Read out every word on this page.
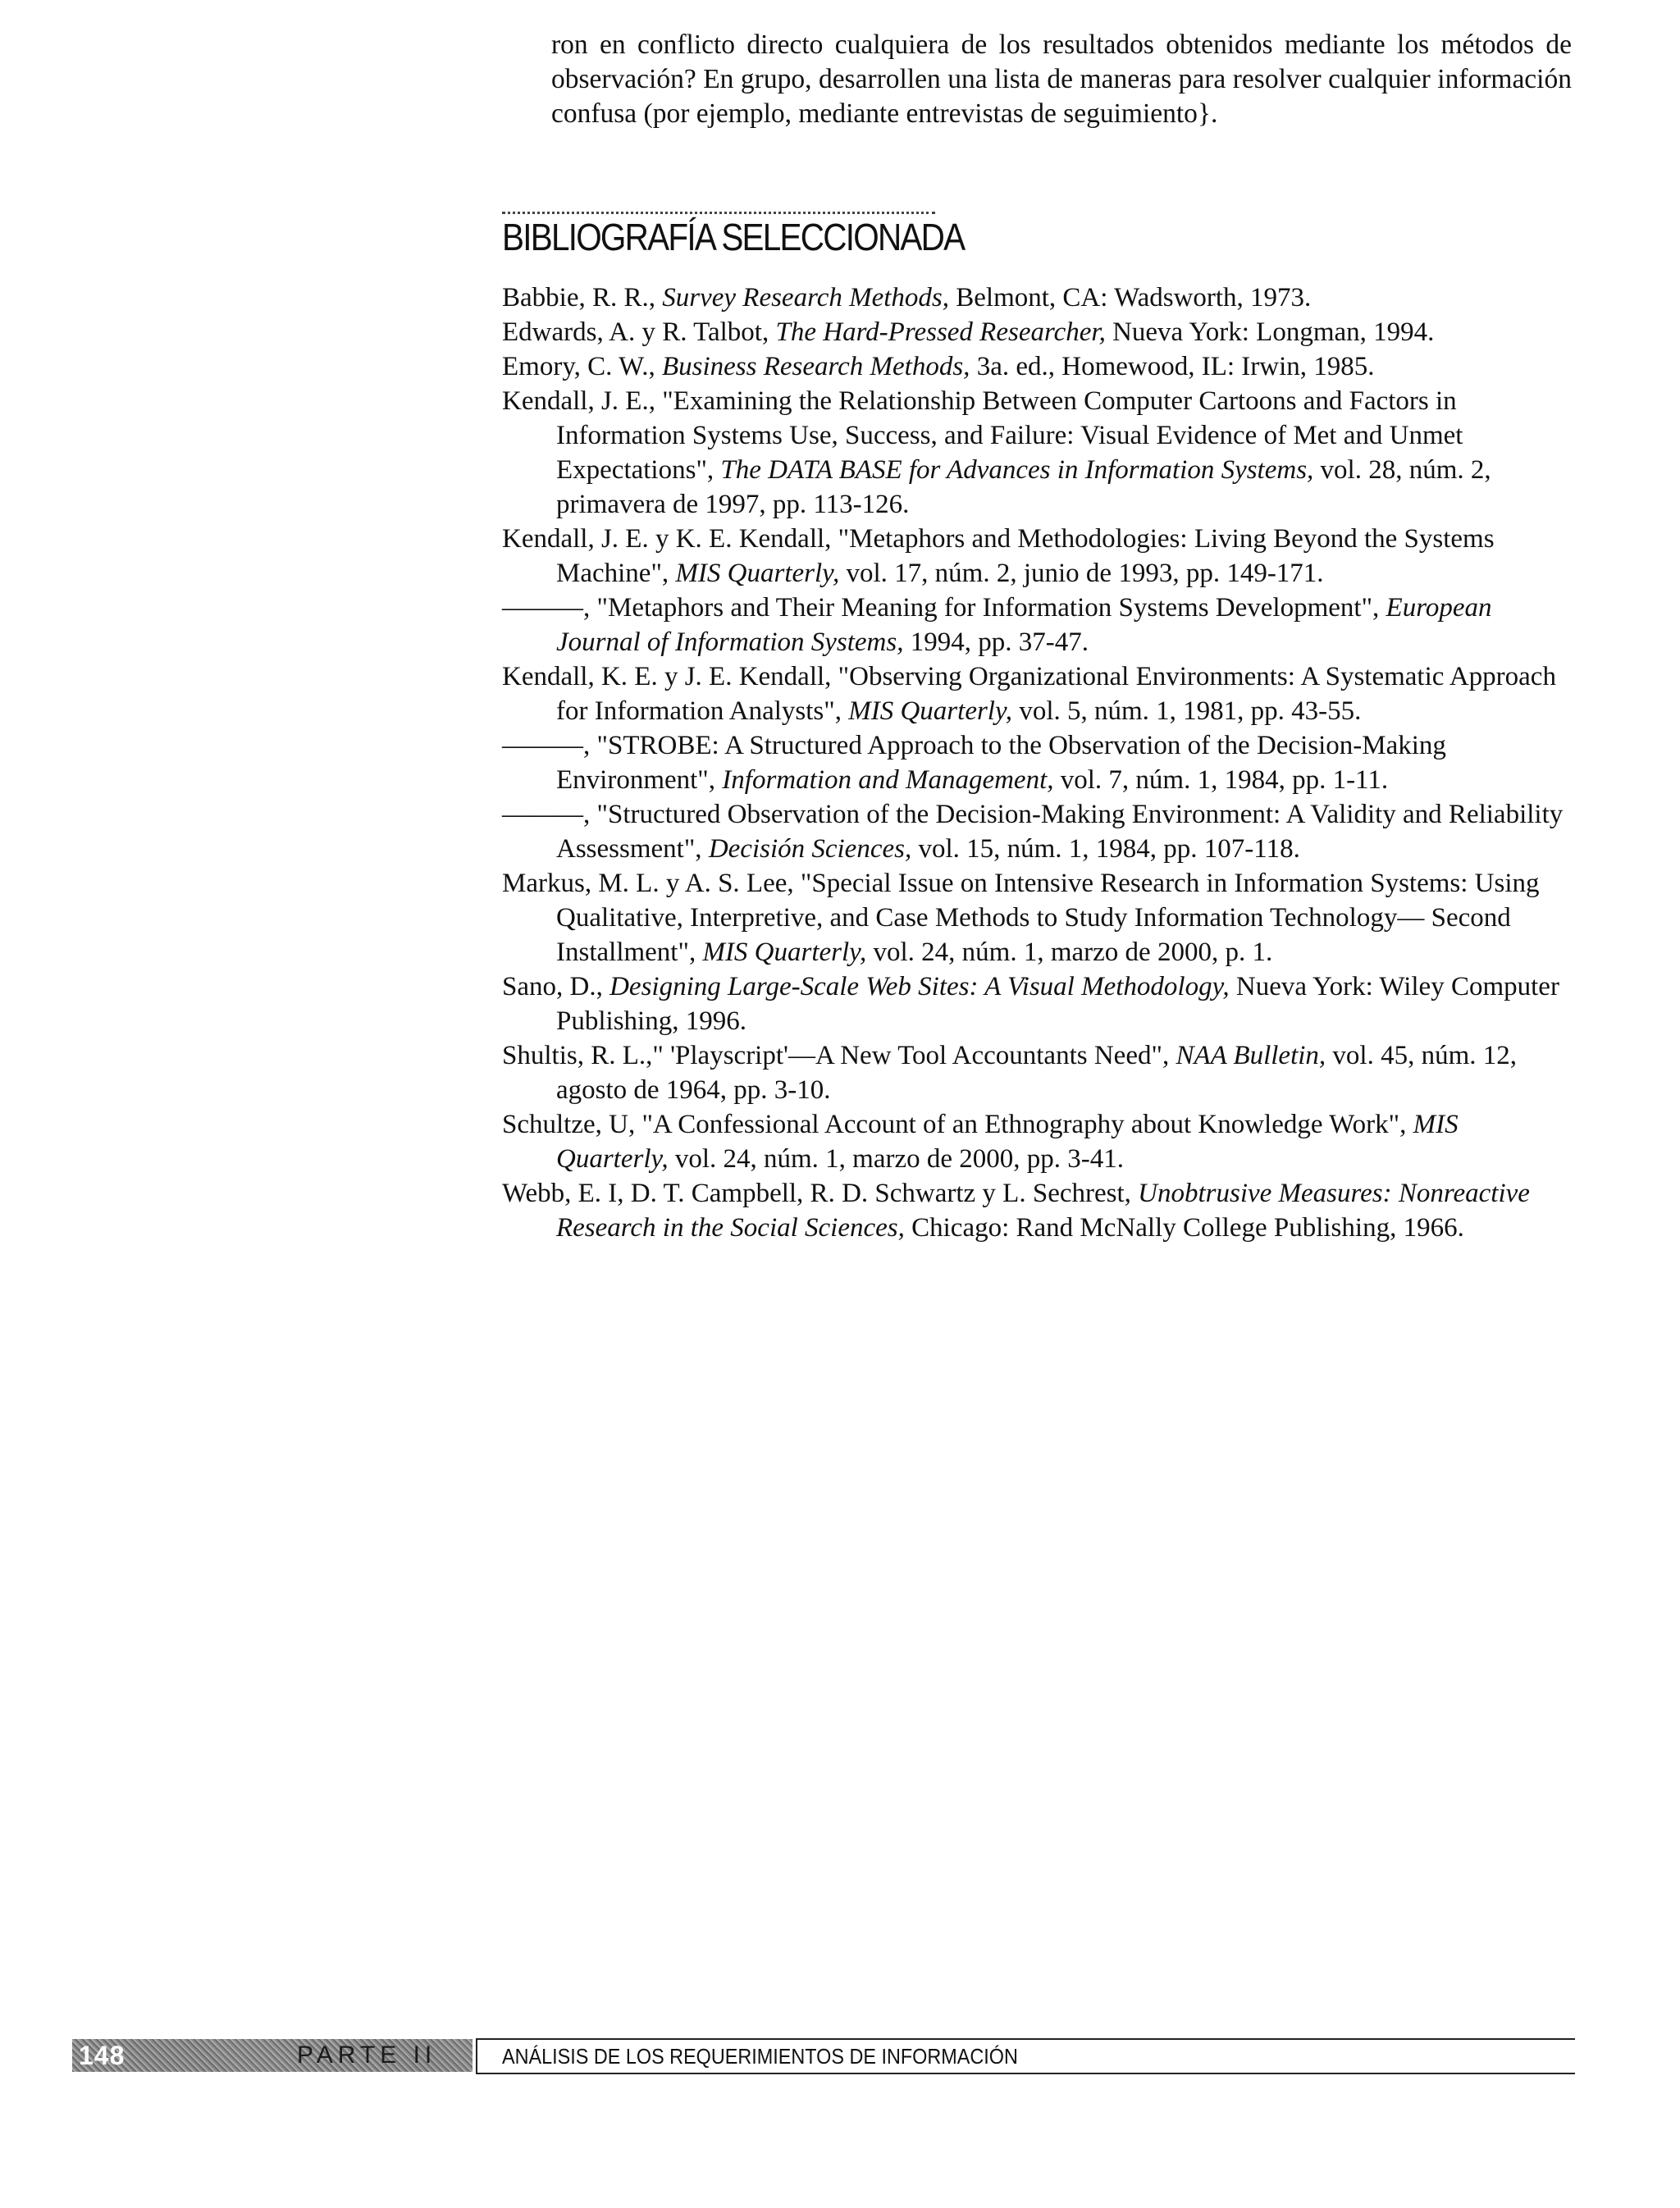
ron en conflicto directo cualquiera de los resultados obtenidos mediante los métodos de observación? En grupo, desarrollen una lista de maneras para resolver cualquier información confusa (por ejemplo, mediante entrevistas de seguimiento}.

BIBLIOGRAFÍA SELECCIONADA
Babbie, R. R., Survey Research Methods, Belmont, CA: Wadsworth, 1973.
Edwards, A. y R. Talbot, The Hard-Pressed Researcher, Nueva York: Longman, 1994.
Emory, C. W., Business Research Methods, 3a. ed., Homewood, IL: Irwin, 1985.
Kendall, J. E., "Examining the Relationship Between Computer Cartoons and Factors in Information Systems Use, Success, and Failure: Visual Evidence of Met and Unmet Expectations", The DATA BASE for Advances in Information Systems, vol. 28, núm. 2, primavera de 1997, pp. 113-126.
Kendall, J. E. y K. E. Kendall, "Metaphors and Methodologies: Living Beyond the Systems Machine", MIS Quarterly, vol. 17, núm. 2, junio de 1993, pp. 149-171.
———, "Metaphors and Their Meaning for Information Systems Development", European Journal of Information Systems, 1994, pp. 37-47.
Kendall, K. E. y J. E. Kendall, "Observing Organizational Environments: A Systematic Approach for Information Analysts", MIS Quarterly, vol. 5, núm. 1, 1981, pp. 43-55.
———, "STROBE: A Structured Approach to the Observation of the Decision-Making Environment", Information and Management, vol. 7, núm. 1, 1984, pp. 1-11.
———, "Structured Observation of the Decision-Making Environment: A Validity and Reliability Assessment", Decisión Sciences, vol. 15, núm. 1, 1984, pp. 107-118.
Markus, M. L. y A. S. Lee, "Special Issue on Intensive Research in Information Systems: Using Qualitative, Interpretive, and Case Methods to Study Information Technology— Second Installment", MIS Quarterly, vol. 24, núm. 1, marzo de 2000, p. 1.
Sano, D., Designing Large-Scale Web Sites: A Visual Methodology, Nueva York: Wiley Computer Publishing, 1996.
Shultis, R. L.," 'Playscript'—A New Tool Accountants Need", NAA Bulletin, vol. 45, núm. 12, agosto de 1964, pp. 3-10.
Schultze, U, "A Confessional Account of an Ethnography about Knowledge Work", MIS Quarterly, vol. 24, núm. 1, marzo de 2000, pp. 3-41.
Webb, E. I, D. T. Campbell, R. D. Schwartz y L. Sechrest, Unobtrusive Measures: Nonreactive Research in the Social Sciences, Chicago: Rand McNally College Publishing, 1966.
148	PARTE II	ANÁLISIS DE LOS REQUERIMIENTOS DE INFORMACIÓN
